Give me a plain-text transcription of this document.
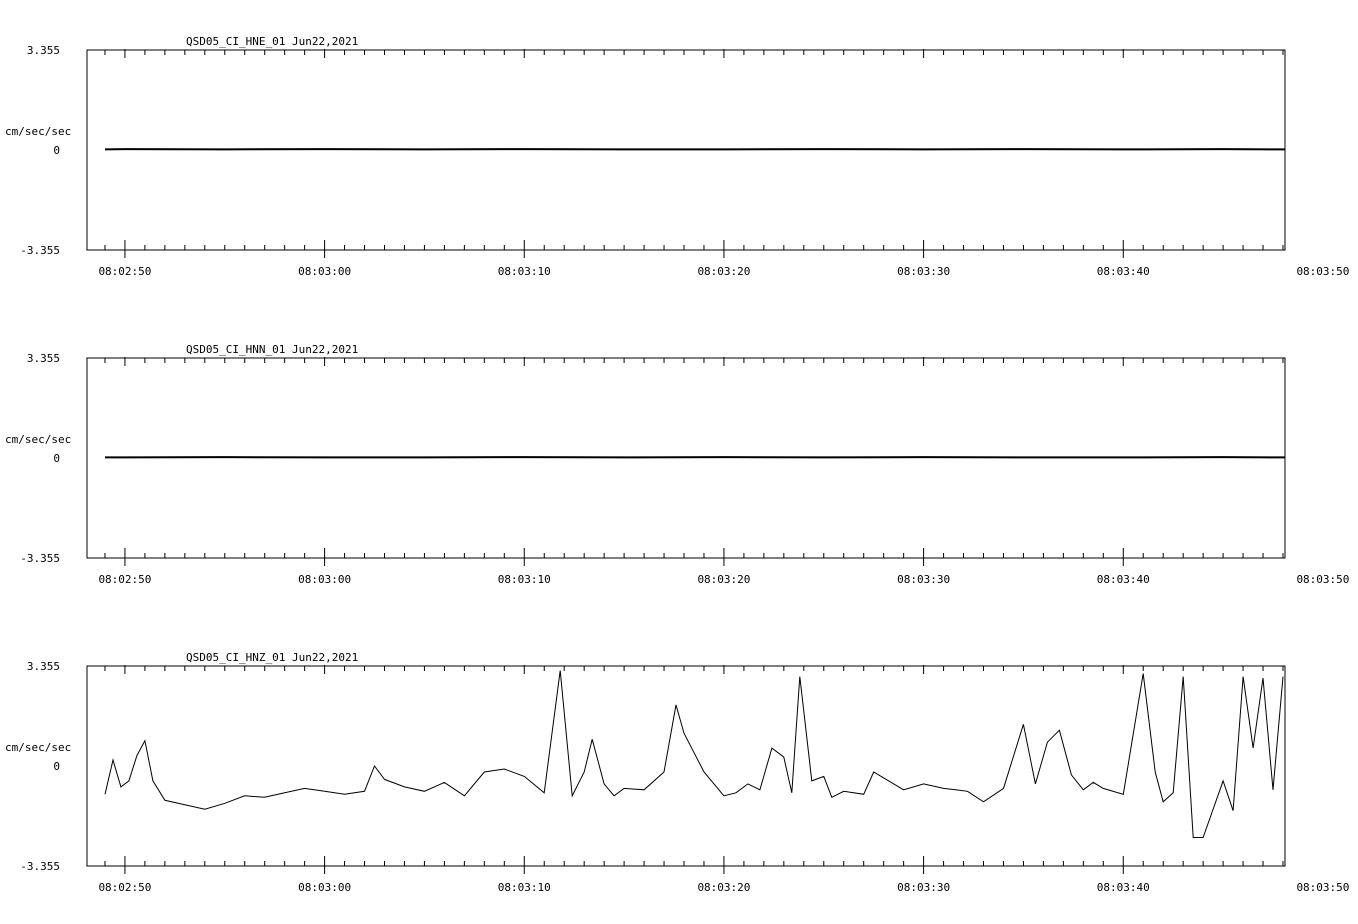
QSD05_CI_HNE_01 Jun22,2021
3.355
0
-3.355
cm/sec/sec
08:02:50	08:03:00	08:03:10	08:03:20	08:03:30	08:03:40	08:03:50
QSD05_CI_HNN_01 Jun22,2021
3.355
0
-3.355
cm/sec/sec
08:02:50	08:03:00	08:03:10	08:03:20	08:03:30	08:03:40	08:03:50
QSD05_CI_HNZ_01 Jun22,2021
3.355
0
-3.355
cm/sec/sec
08:02:50	08:03:00	08:03:10	08:03:20	08:03:30	08:03:40	08:03:50
